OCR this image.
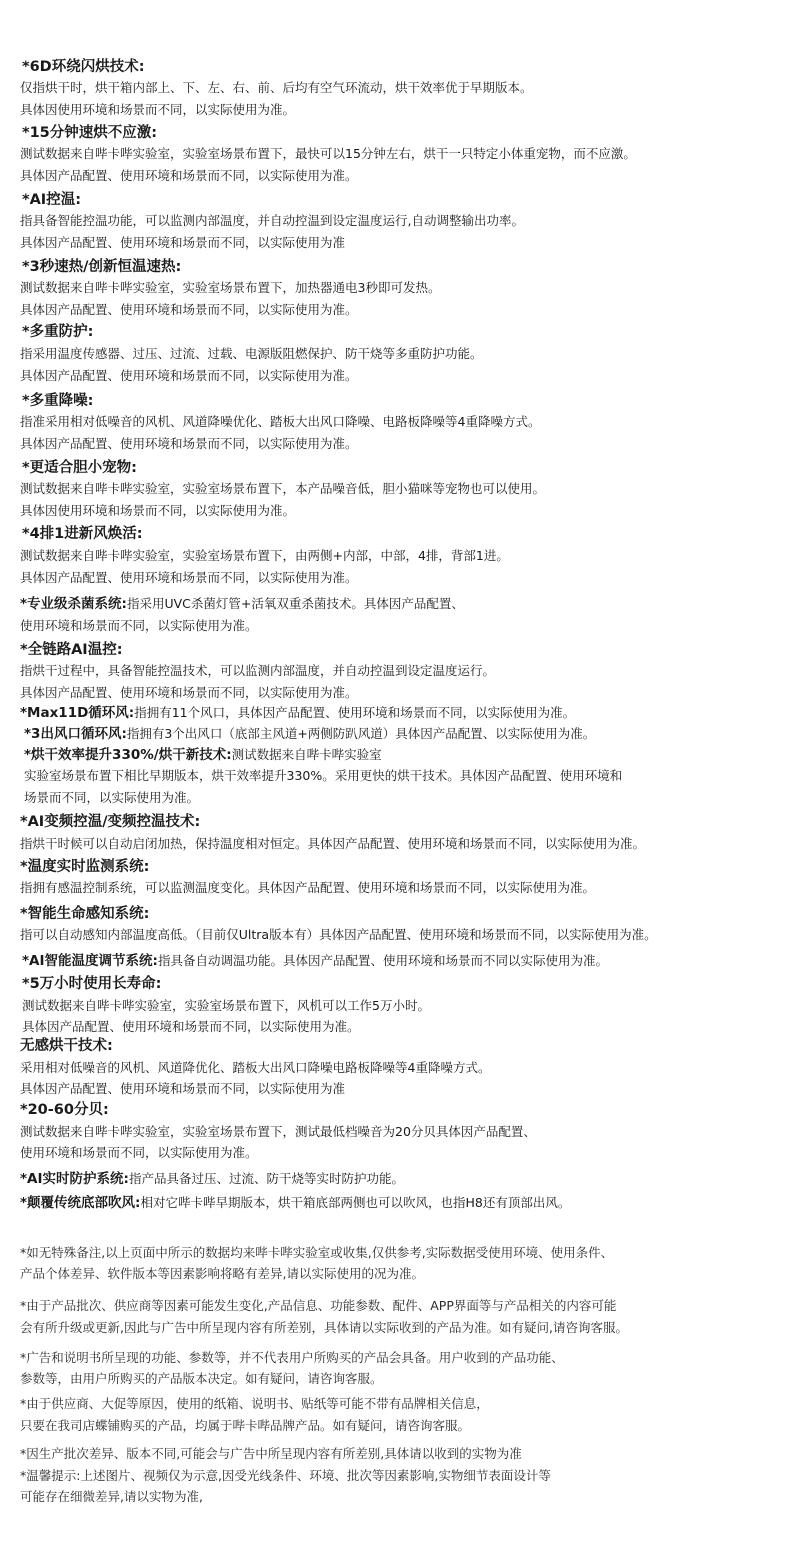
*6D环绕闪烘技术:
仅指烘干时，烘干箱内部上、下、左、右、前、后均有空气环流动，烘干效率优于早期版本。
具体因使用环境和场景而不同，以实际使用为准。
*15分钟速烘不应激:
测试数据来自哔卡哔实验室，实验室场景布置下，最快可以15分钟左右，烘干一只特定小体重宠物，而不应激。
具体因产品配置、使用环境和场景而不同，以实际使用为准。
*AI控温:
指具备智能控温功能，可以监测内部温度，并自动控温到设定温度运行,自动调整输出功率。
具体因产品配置、使用环境和场景而不同，以实际使用为准
*3秒速热/创新恒温速热:
测试数据来自哔卡哔实验室，实验室场景布置下，加热器通电3秒即可发热。
具体因产品配置、使用环境和场景而不同，以实际使用为准。
*多重防护:
指采用温度传感器、过压、过流、过载、电源版阻燃保护、防干烧等多重防护功能。
具体因产品配置、使用环境和场景而不同，以实际使用为准。
*多重降噪:
指准采用相对低噪音的风机、风道降噪优化、踏板大出风口降噪、电路板降噪等4重降噪方式。
具体因产品配置、使用环境和场景而不同，以实际使用为准。
*更适合胆小宠物:
测试数据来自哔卡哔实验室，实验室场景布置下，本产品噪音低，胆小猫咪等宠物也可以使用。
具体因使用环境和场景而不同，以实际使用为准。
*4排1进新风焕活:
测试数据来自哔卡哔实验室，实验室场景布置下，由两侧+内部，中部，4排，背部1进。
具体因产品配置、使用环境和场景而不同，以实际使用为准。
*专业级杀菌系统:指采用UVC杀菌灯管+活氧双重杀菌技术。具体因产品配置、
使用环境和场景而不同，以实际使用为准。
*全链路AI温控:
指烘干过程中，具备智能控温技术，可以监测内部温度，并自动控温到设定温度运行。
具体因产品配置、使用环境和场景而不同，以实际使用为准。
*Max11D循环风:指拥有11个风口，具体因产品配置、使用环境和场景而不同，以实际使用为准。
*3出风口循环风:指拥有3个出风口（底部主风道+两侧防趴风道）具体因产品配置、以实际使用为准。
*烘干效率提升330%/烘干新技术:测试数据来自哔卡哔实验室
实验室场景布置下相比早期版本，烘干效率提升330%。采用更快的烘干技术。具体因产品配置、使用环境和
场景而不同，以实际使用为准。
*AI变频控温/变频控温技术:
指烘干时候可以自动启闭加热，保持温度相对恒定。具体因产品配置、使用环境和场景而不同，以实际使用为准。
*温度实时监测系统:
指拥有感温控制系统，可以监测温度变化。具体因产品配置、使用环境和场景而不同，以实际使用为准。
*智能生命感知系统:
指可以自动感知内部温度高低。（目前仅Ultra版本有）具体因产品配置、使用环境和场景而不同，以实际使用为准。
*AI智能温度调节系统:指具备自动调温功能。具体因产品配置、使用环境和场景而不同以实际使用为准。
*5万小时使用长寿命:
测试数据来自哔卡哔实验室，实验室场景布置下，风机可以工作5万小时。
具体因产品配置、使用环境和场景而不同，以实际使用为准。
无感烘干技术:
采用相对低噪音的风机、风道降优化、踏板大出风口降噪电路板降噪等4重降噪方式。
具体因产品配置、使用环境和场景而不同，以实际使用为准
*20-60分贝:
测试数据来自哔卡哔实验室，实验室场景布置下，测试最低档噪音为20分贝具体因产品配置、
使用环境和场景而不同，以实际使用为准。
*AI实时防护系统:指产品具备过压、过流、防干烧等实时防护功能。
*颠覆传统底部吹风:相对它哔卡哔早期版本，烘干箱底部两侧也可以吹风，也指H8还有顶部出风。
*如无特殊备注,以上页面中所示的数据均来哔卡哔实验室或收集,仅供参考,实际数据受使用环境、使用条件、
产品个体差异、软件版本等因素影响将略有差异,请以实际使用的况为准。
*由于产品批次、供应商等因素可能发生变化,产品信息、功能参数、配件、APP界面等与产品相关的内容可能
会有所升级或更新,因此与广告中所呈现内容有所差别，具体请以实际收到的产品为准。如有疑问,请咨询客服。
*广告和说明书所呈现的功能、参数等，并不代表用户所购买的产品会具备。用户收到的产品功能、
参数等，由用户所购买的产品版本决定。如有疑问，请咨询客服。
*由于供应商、大促等原因，使用的纸箱、说明书、贴纸等可能不带有品牌相关信息，
只要在我司店蝶铺购买的产品，均属于哔卡哔品牌产品。如有疑问，请咨询客服。
*因生产批次差异、版本不同,可能会与广告中所呈现内容有所差别,具体请以收到的实物为准
*温馨提示:上述图片、视频仅为示意,因受光线条件、环境、批次等因素影响,实物细节表面设计等
可能存在细微差异,请以实物为准,
